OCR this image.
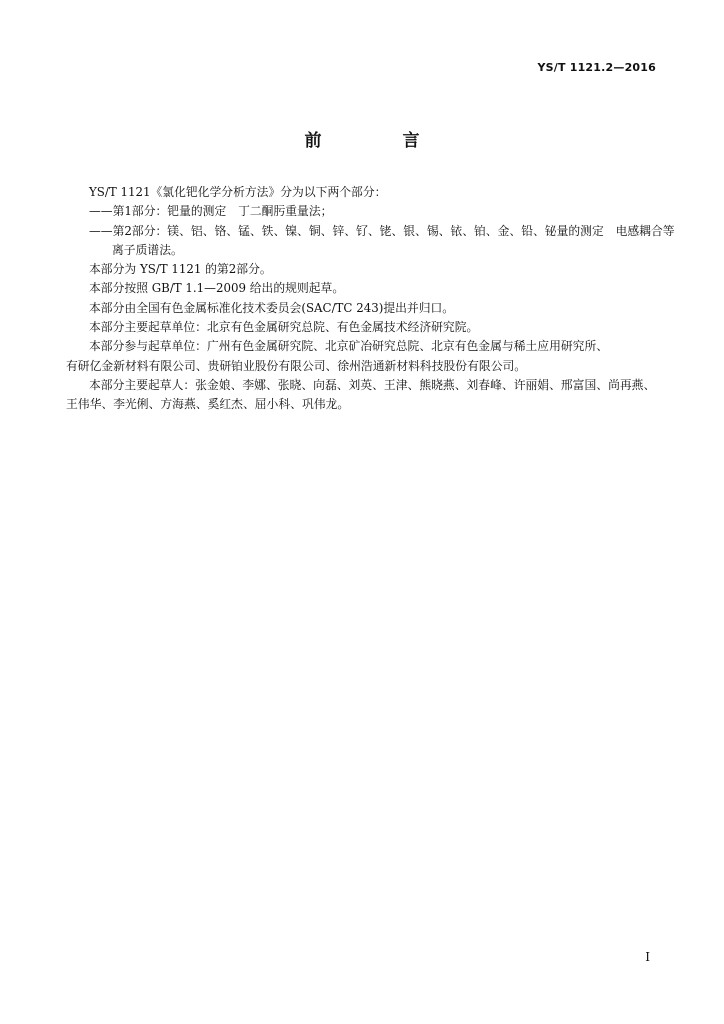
YS/T 1121.2—2016
前　言

YS/T 1121《氯化钯化学分析方法》分为以下两个部分：

——第1部分：钯量的测定　丁二酮肟重量法；

——第2部分：镁、铝、铬、锰、铁、镍、铜、锌、钌、铑、银、锡、铱、铂、金、铅、铋量的测定　电感耦合等

离子质谱法。

本部分为 YS/T 1121 的第2部分。

本部分按照 GB/T 1.1—2009 给出的规则起草。

本部分由全国有色金属标准化技术委员会(SAC/TC 243)提出并归口。

本部分主要起草单位：北京有色金属研究总院、有色金属技术经济研究院。

本部分参与起草单位：广州有色金属研究院、北京矿冶研究总院、北京有色金属与稀土应用研究所、

有研亿金新材料有限公司、贵研铂业股份有限公司、徐州浩通新材料科技股份有限公司。

本部分主要起草人：张金娘、李娜、张晓、向磊、刘英、王津、熊晓燕、刘春峰、许丽娟、邢富国、尚再燕、

王伟华、李光俐、方海燕、奚红杰、屈小科、巩伟龙。

I
